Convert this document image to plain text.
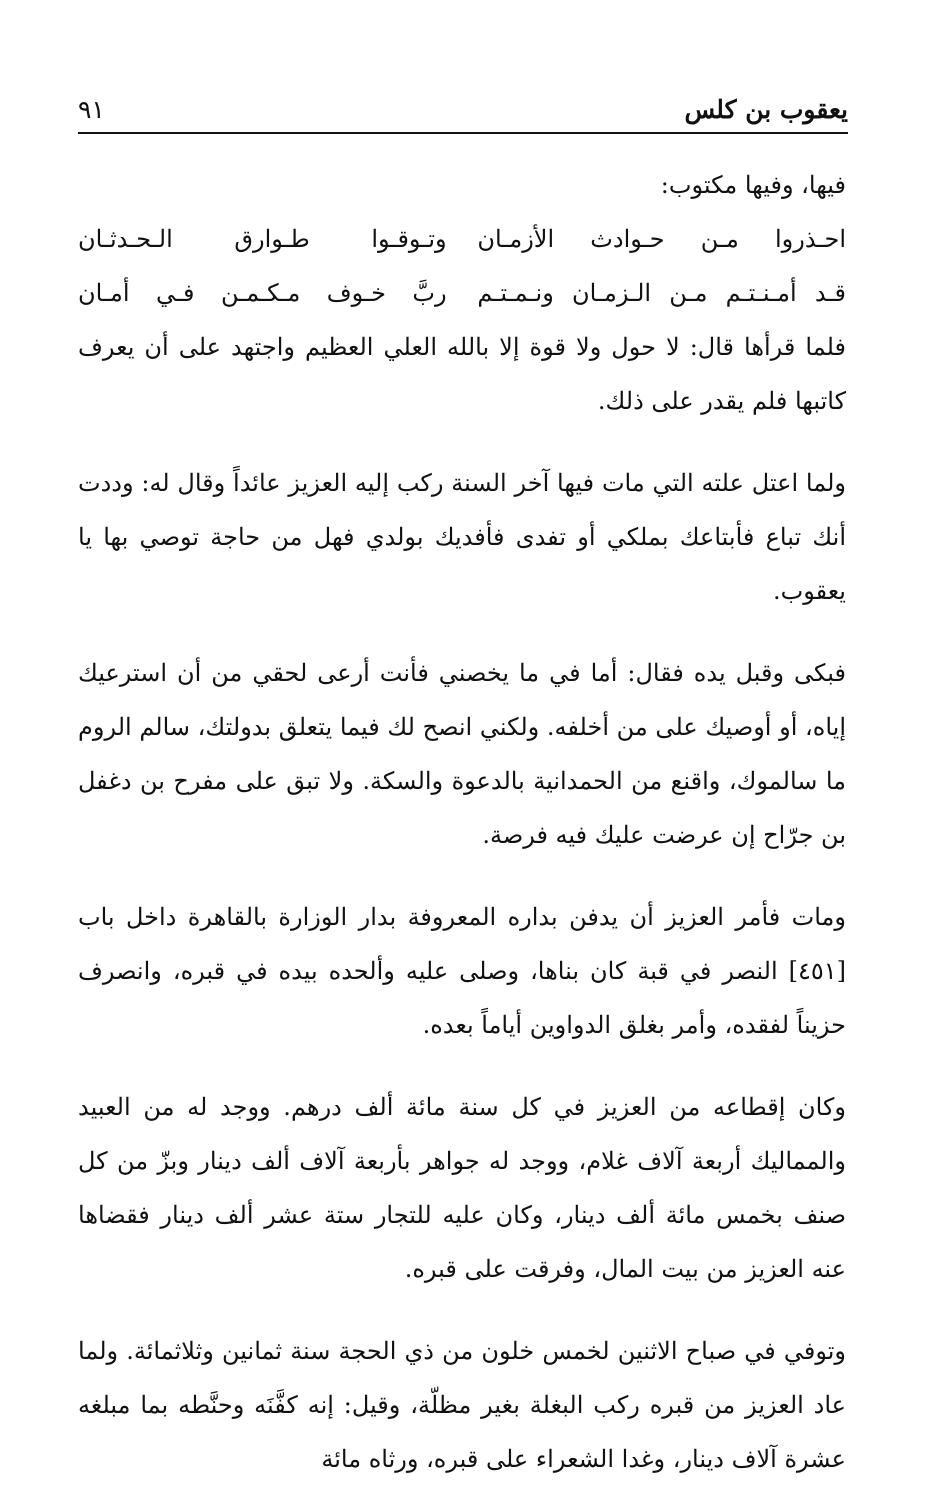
يعقوب بن كلس
٩١

فيها، وفيها مكتوب:

احـذروا مـن حـوادث الأزمـان
وتـوقـوا طـوارق الـحـدثـان
قـد أمـنـتـم مـن الـزمـان ونـمـتـم
ربَّ خـوف مـكـمـن فـي أمـان

فلما قرأها قال: لا حول ولا قوة إلا بالله العلي العظيم واجتهد على أن يعرف كاتبها فلم يقدر على ذلك.

ولما اعتل علته التي مات فيها آخر السنة ركب إليه العزيز عائداً وقال له: وددت أنك تباع فأبتاعك بملكي أو تفدى فأفديك بولدي فهل من حاجة توصي بها يا يعقوب.

فبكى وقبل يده فقال: أما في ما يخصني فأنت أرعى لحقي من أن استرعيك إياه، أو أوصيك على من أخلفه. ولكني انصح لك فيما يتعلق بدولتك، سالم الروم ما سالموك، واقنع من الحمدانية بالدعوة والسكة. ولا تبق على مفرح بن دغفل بن جرّاح إن عرضت عليك فيه فرصة.

ومات فأمر العزيز أن يدفن بداره المعروفة بدار الوزارة بالقاهرة داخل باب [٤٥١] النصر في قبة كان بناها، وصلى عليه وألحده بيده في قبره، وانصرف حزيناً لفقده، وأمر بغلق الدواوين أياماً بعده.

وكان إقطاعه من العزيز في كل سنة مائة ألف درهم. ووجد له من العبيد والمماليك أربعة آلاف غلام، ووجد له جواهر بأربعة آلاف ألف دينار وبزّ من كل صنف بخمس مائة ألف دينار، وكان عليه للتجار ستة عشر ألف دينار فقضاها عنه العزيز من بيت المال، وفرقت على قبره.

وتوفي في صباح الاثنين لخمس خلون من ذي الحجة سنة ثمانين وثلاثمائة. ولما عاد العزيز من قبره ركب البغلة بغير مظلّة، وقيل: إنه كفَّنَه وحنَّطه بما مبلغه عشرة آلاف دينار، وغدا الشعراء على قبره، ورثاه مائة
